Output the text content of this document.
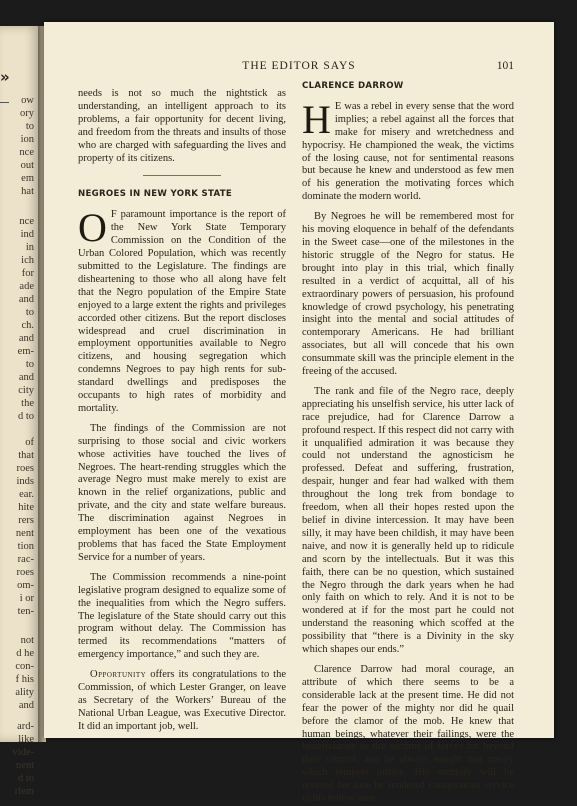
»
ow
ory
to
ion
nce
out
em
hat
nce
ind
in
ich
for
ade
and
to
ch.
and
em-
to
and
city
the
d to
of
that
roes
inds
ear.
hite
rers
nent
tion
rac-
roes
om-
i or
ten-
not
d he
con-
f his
ality
and
ard-
like
vide-
nent
d to
rlem
THE EDITOR SAYS	101

needs is not so much the nightstick as understanding, an intelligent approach to its problems, a fair opportunity for decent living, and freedom from the threats and insults of those who are charged with safeguarding the lives and property of its citizens.

NEGROES IN NEW YORK STATE

O F paramount importance is the report of the New York State Temporary Commission on the Condition of the Urban Colored Population, which was recently submitted to the Legislature. The findings are disheartening to those who all along have felt that the Negro population of the Empire State enjoyed to a large extent the rights and privileges accorded other citizens. But the report discloses widespread and cruel discrimination in employment opportunities available to Negro citizens, and housing segregation which condemns Negroes to pay high rents for sub-standard dwellings and predisposes the occupants to high rates of morbidity and mortality.

The findings of the Commission are not surprising to those social and civic workers whose activities have touched the lives of Negroes. The heart-rending struggles which the average Negro must make merely to exist are known in the relief organizations, public and private, and the city and state welfare bureaus. The discrimination against Negroes in employment has been one of the vexatious problems that has faced the State Employment Service for a number of years.

The Commission recommends a nine-point legislative program designed to equalize some of the inequalities from which the Negro suffers. The legislature of the State should carry out this program without delay. The Commission has termed its recommendations “matters of emergency importance,” and such they are.

Opportunity offers its congratulations to the Commission, of which Lester Granger, on leave as Secretary of the Workers’ Bureau of the National Urban League, was Executive Director. It did an important job, well.

CLARENCE DARROW

H E was a rebel in every sense that the word implies; a rebel against all the forces that make for misery and wretchedness and hypocrisy. He championed the weak, the victims of the losing cause, not for sentimental reasons but because he knew and understood as few men of his generation the motivating forces which dominate the modern world.

By Negroes he will be remembered most for his moving eloquence in behalf of the defendants in the Sweet case—one of the milestones in the historic struggle of the Negro for status. He brought into play in this trial, which finally resulted in a verdict of acquittal, all of his extraordinary powers of persuasion, his profound knowledge of crowd psychology, his penetrating insight into the mental and social attitudes of contemporary Americans. He had brilliant associates, but all will concede that his own consummate skill was the principle element in the freeing of the accused.

The rank and file of the Negro race, deeply appreciating his unselfish service, his utter lack of race prejudice, had for Clarence Darrow a profound respect. If this respect did not carry with it unqualified admiration it was because they could not understand the agnosticism he professed. Defeat and suffering, frustration, despair, hunger and fear had walked with them throughout the long trek from bondage to freedom, when all their hopes rested upon the belief in divine intercession. It may have been silly, it may have been childish, it may have been naive, and now it is generally held up to ridicule and scorn by the intellectuals. But it was this faith, there can be no question, which sustained the Negro through the dark years when he had only faith on which to rely. And it is not to be wondered at if for the most part he could not understand the reasoning which scoffed at the possibility that “there is a Divinity in the sky which shapes our ends.”

Clarence Darrow had moral courage, an attribute of which there seems to be a considerable lack at the present time. He did not fear the power of the mighty nor did he quail before the clamor of the mob. He knew that human beings, whatever their failings, were the beneficiaries or the victims of forces far beyond their control, and he always sought that mercy which tempers justice. His memory will be revered because he rendered conspicuous service to his fellow men.
